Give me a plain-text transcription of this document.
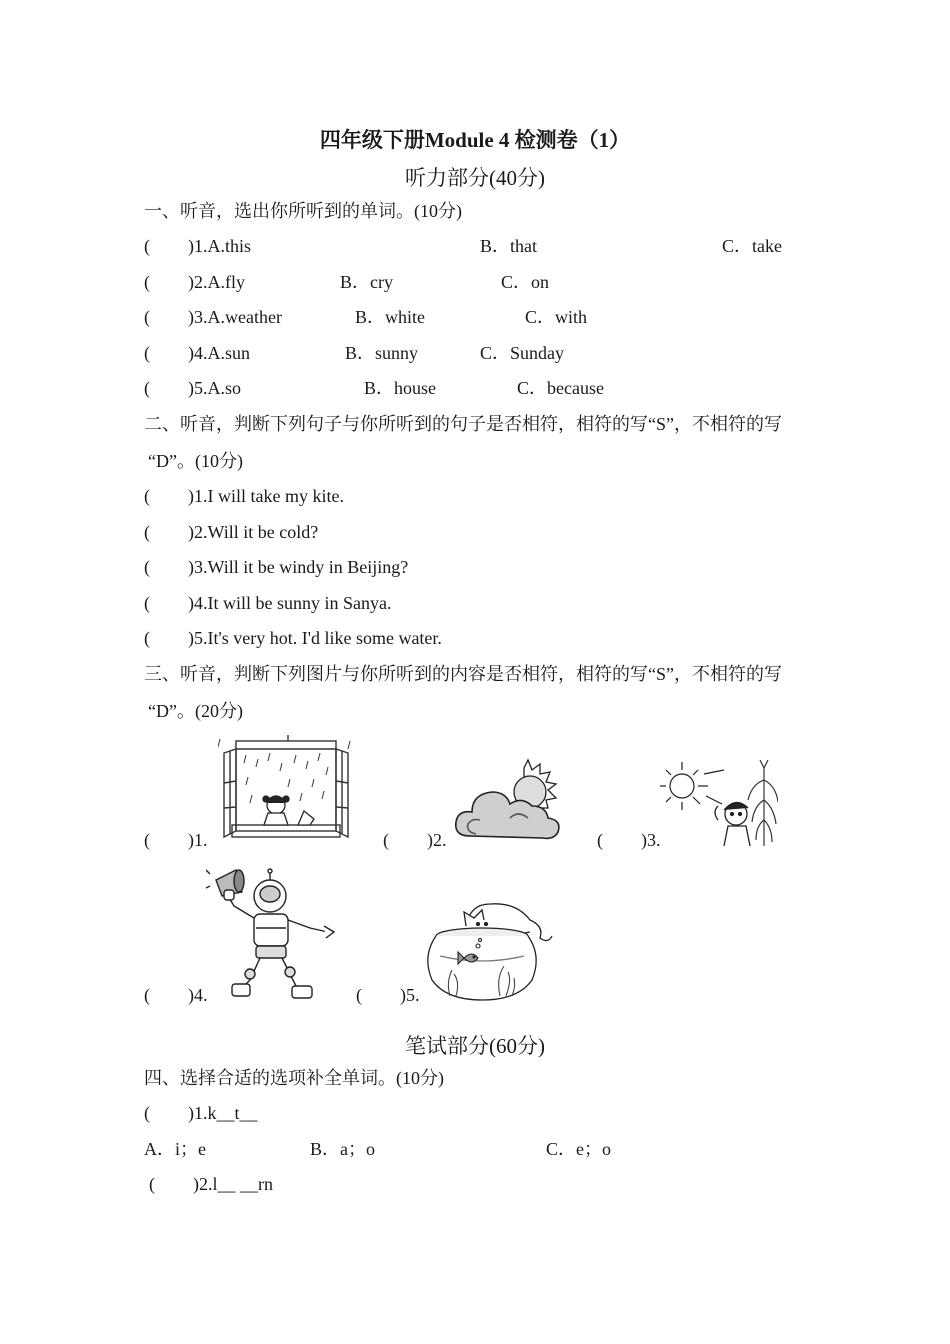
四年级下册Module 4 检测卷（1）
听力部分(40分)
一、听音，选出你所听到的单词。(10分)
( )1.A.this	B．that	C．take
( )2.A.fly	B．cry	C．on
( )3.A.weather	B．white	C．with
( )4.A.sun	B．sunny	C．Sunday
( )5.A.so	B．house	C．because
二、听音，判断下列句子与你所听到的句子是否相符，相符的写“S”，不相符的写
“D”。(10分)
( )1.I will take my kite.
( )2.Will it be cold?
( )3.Will it be windy in Beijing?
( )4.It will be sunny in Sanya.
( )5.It's very hot. I'd like some water.
三、听音，判断下列图片与你所听到的内容是否相符，相符的写“S”，不相符的写
“D”。(20分)
( )1.	( )2.	( )3.
( )4.	( )5.
笔试部分(60分)
四、选择合适的选项补全单词。(10分)
( )1.k__t__
A．i；e	B．a；o	C．e；o
( )2.l__ __rn
